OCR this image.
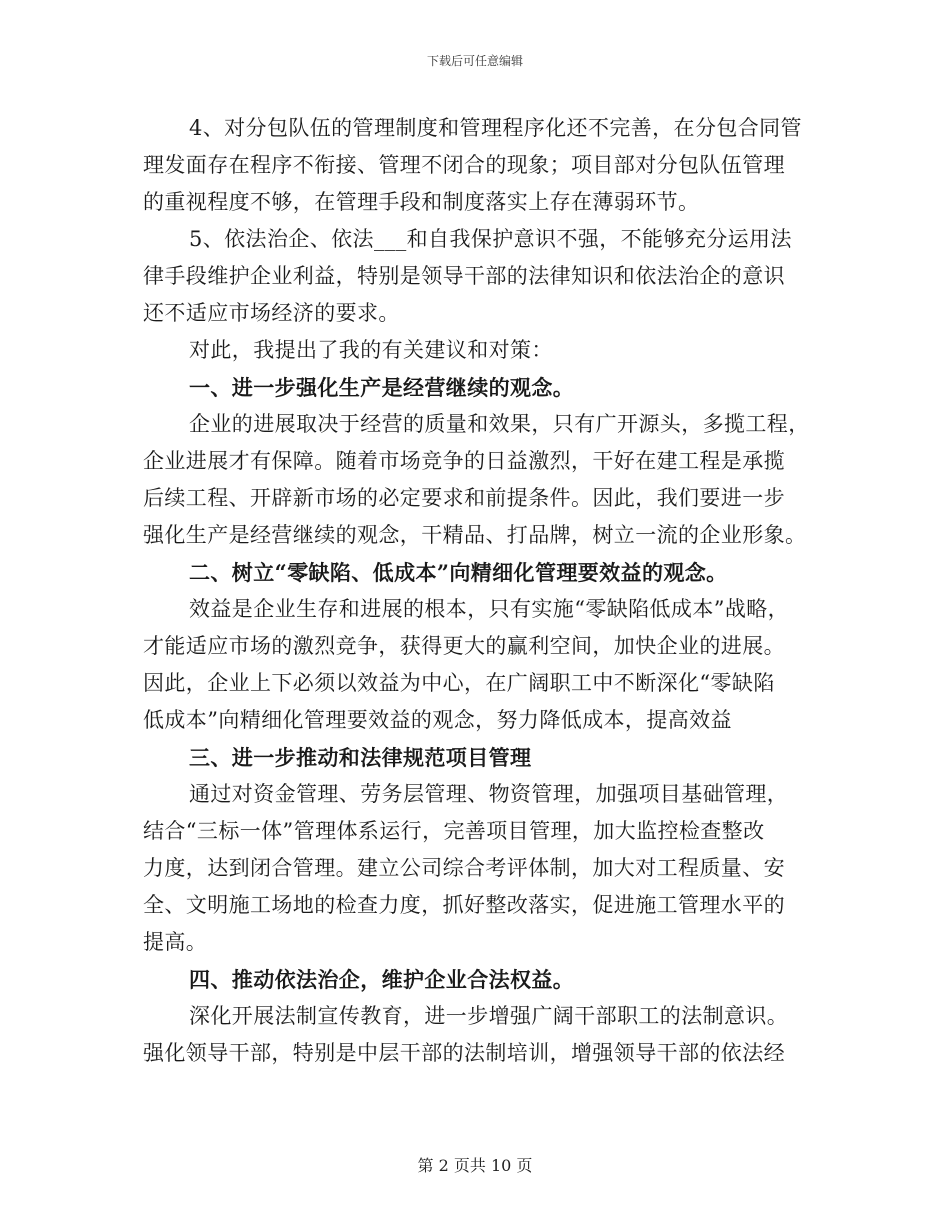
下载后可任意编辑

4、对分包队伍的管理制度和管理程序化还不完善，在分包合同管
理发面存在程序不衔接、管理不闭合的现象；项目部对分包队伍管理
的重视程度不够，在管理手段和制度落实上存在薄弱环节。

5、依法治企、依法___和自我保护意识不强，不能够充分运用法
律手段维护企业利益，特别是领导干部的法律知识和依法治企的意识
还不适应市场经济的要求。

对此，我提出了我的有关建议和对策：

一、进一步强化生产是经营继续的观念。

企业的进展取决于经营的质量和效果，只有广开源头，多揽工程，
企业进展才有保障。随着市场竞争的日益激烈，干好在建工程是承揽
后续工程、开辟新市场的必定要求和前提条件。因此，我们要进一步
强化生产是经营继续的观念，干精品、打品牌，树立一流的企业形象。

二、树立“零缺陷、低成本”向精细化管理要效益的观念。

效益是企业生存和进展的根本，只有实施“零缺陷低成本”战略，
才能适应市场的激烈竞争，获得更大的赢利空间，加快企业的进展。
因此，企业上下必须以效益为中心，在广阔职工中不断深化“零缺陷
低成本”向精细化管理要效益的观念，努力降低成本，提高效益

三、进一步推动和法律规范项目管理

通过对资金管理、劳务层管理、物资管理，加强项目基础管理，
结合“三标一体”管理体系运行，完善项目管理，加大监控检查整改
力度，达到闭合管理。建立公司综合考评体制，加大对工程质量、安
全、文明施工场地的检查力度，抓好整改落实，促进施工管理水平的
提高。

四、推动依法治企，维护企业合法权益。

深化开展法制宣传教育，进一步增强广阔干部职工的法制意识。
强化领导干部，特别是中层干部的法制培训，增强领导干部的依法经

第 2 页共 10 页
